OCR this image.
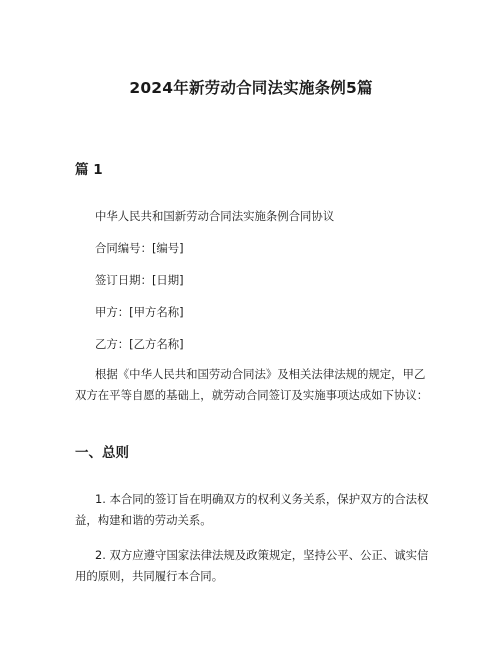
2024年新劳动合同法实施条例5篇
篇 1
中华人民共和国新劳动合同法实施条例合同协议
合同编号：[编号]
签订日期：[日期]
甲方：[甲方名称]
乙方：[乙方名称]

根据《中华人民共和国劳动合同法》及相关法律法规的规定，甲乙双方在平等自愿的基础上，就劳动合同签订及实施事项达成如下协议：

一、总则

1. 本合同的签订旨在明确双方的权利义务关系，保护双方的合法权益，构建和谐的劳动关系。

2. 双方应遵守国家法律法规及政策规定，坚持公平、公正、诚实信用的原则，共同履行本合同。
